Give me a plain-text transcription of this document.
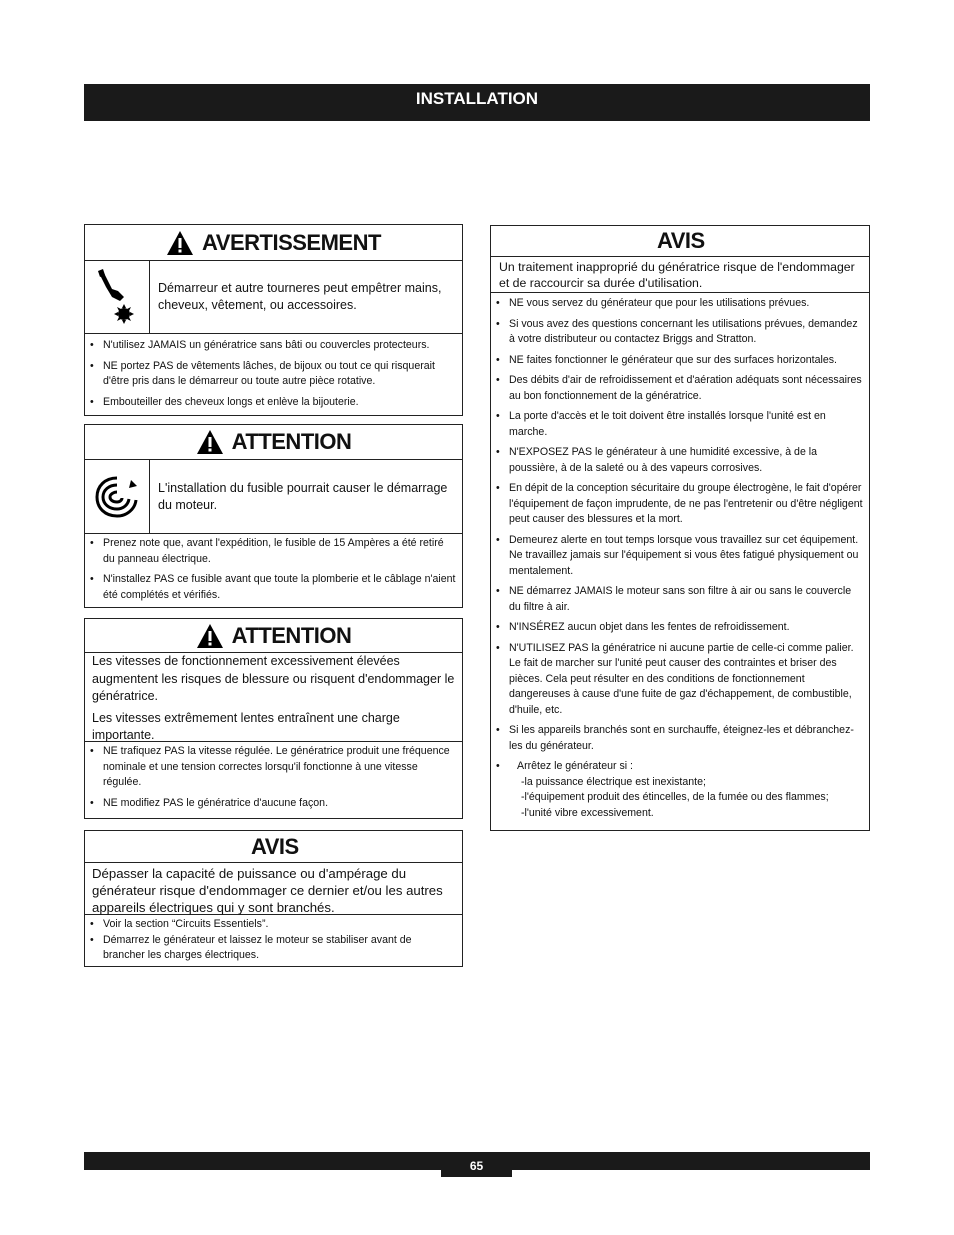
INSTALLATION
AVERTISSEMENT
Démarreur et autre tourneres peut empêtrer mains, cheveux, vêtement, ou accessoires.
• N'utilisez JAMAIS un génératrice sans bâti ou couvercles protecteurs.
• NE portez PAS de vêtements lâches, de bijoux ou tout ce qui risquerait d'être pris dans le démarreur ou toute autre pièce rotative.
• Embouteiller des cheveux longs et enlève la bijouterie.
ATTENTION
L'installation du fusible pourrait causer le démarrage du moteur.
• Prenez note que, avant l'expédition, le fusible de 15 Ampères a été retiré du panneau électrique.
• N'installez PAS ce fusible avant que toute la plomberie et le câblage n'aient été complétés et vérifiés.
ATTENTION
Les vitesses de fonctionnement excessivement élevées augmentent les risques de blessure ou risquent d'endommager le génératrice.
Les vitesses extrêmement lentes entraînent une charge importante.
• NE trafiquez PAS la vitesse régulée. Le génératrice produit une fréquence nominale et une tension correctes lorsqu'il fonctionne à une vitesse régulée.
• NE modifiez PAS le génératrice d'aucune façon.
AVIS
Dépasser la capacité de puissance ou d'ampérage du générateur risque d'endommager ce dernier et/ou les autres appareils électriques qui y sont branchés.
• Voir la section “Circuits Essentiels”.
• Démarrez le générateur et laissez le moteur se stabiliser avant de brancher les charges électriques.
AVIS
Un traitement inapproprié du génératrice risque de l'endommager et de raccourcir sa durée d'utilisation.
• NE vous servez du générateur que pour les utilisations prévues.
• Si vous avez des questions concernant les utilisations prévues, demandez à votre distributeur ou contactez Briggs and Stratton.
• NE faites fonctionner le générateur que sur des surfaces horizontales.
• Des débits d'air de refroidissement et d'aération adéquats sont nécessaires au bon fonctionnement de la génératrice.
• La porte d'accès et le toit doivent être installés lorsque l'unité est en marche.
• N'EXPOSEZ PAS le générateur à une humidité excessive, à de la poussière, à de la saleté ou à des vapeurs corrosives.
• En dépit de la conception sécuritaire du groupe électrogène, le fait d'opérer l'équipement de façon imprudente, de ne pas l'entretenir ou d'être négligent peut causer des blessures et la mort.
• Demeurez alerte en tout temps lorsque vous travaillez sur cet équipement. Ne travaillez jamais sur l'équipement si vous êtes fatigué physiquement ou mentalement.
• NE démarrez JAMAIS le moteur sans son filtre à air ou sans le couvercle du filtre à air.
• N'INSÉREZ aucun objet dans les fentes de refroidissement.
• N'UTILISEZ PAS la génératrice ni aucune partie de celle-ci comme palier. Le fait de marcher sur l'unité peut causer des contraintes et briser des pièces. Cela peut résulter en des conditions de fonctionnement dangereuses à cause d'une fuite de gaz d'échappement, de combustible, d'huile, etc.
• Si les appareils branchés sont en surchauffe, éteignez-les et débranchez-les du générateur.
• Arrêtez le générateur si :
-la puissance électrique est inexistante;
-l'équipement produit des étincelles, de la fumée ou des flammes;
-l'unité vibre excessivement.
65
